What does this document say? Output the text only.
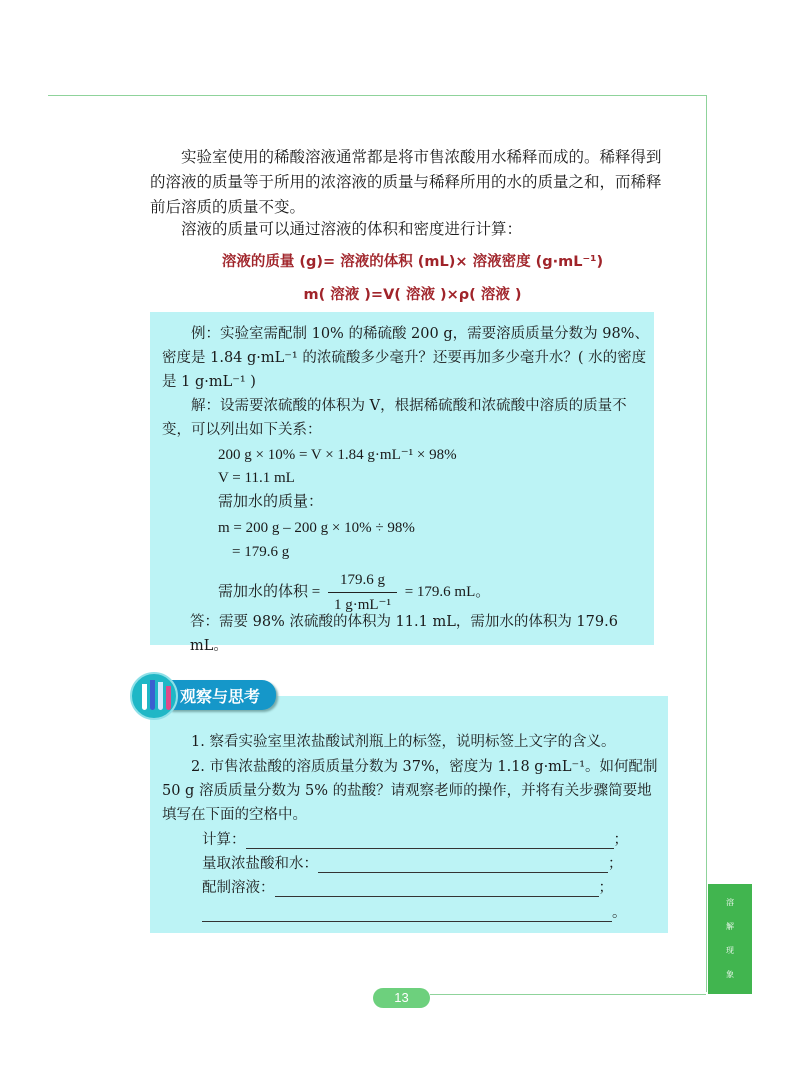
实验室使用的稀酸溶液通常都是将市售浓酸用水稀释而成的。稀释得到的溶液的质量等于所用的浓溶液的质量与稀释所用的水的质量之和，而稀释前后溶质的质量不变。
溶液的质量可以通过溶液的体积和密度进行计算：
溶液的质量 (g)= 溶液的体积 (mL)× 溶液密度 (g·mL⁻¹)
m( 溶液 )=V( 溶液 )×ρ( 溶液 )
例：实验室需配制 10% 的稀硫酸 200 g，需要溶质质量分数为 98%、密度是 1.84 g·mL⁻¹ 的浓硫酸多少毫升？还要再加多少毫升水？( 水的密度是 1 g·mL⁻¹ )
解：设需要浓硫酸的体积为 V，根据稀硫酸和浓硫酸中溶质的质量不变，可以列出如下关系：
200 g × 10% = V × 1.84 g·mL⁻¹ × 98%
V = 11.1 mL
需加水的质量：
m = 200 g – 200 g × 10% ÷ 98%
= 179.6 g
需加水的体积 = $\frac{179.6 g}{\text{1 g·mL⁻¹}} = 179.6$ mL。
答：需要 98% 浓硫酸的体积为 11.1 mL，需加水的体积为 179.6 mL。
观察与思考
1. 察看实验室里浓盐酸试剂瓶上的标签，说明标签上文字的含义。
2. 市售浓盐酸的溶质质量分数为 37%，密度为 1.18 g·mL⁻¹。如何配制 50 g 溶质质量分数为 5% 的盐酸？请观察老师的操作，并将有关步骤简要地填写在下面的空格中。
计算：	；
量取浓盐酸和水：	；
配制溶液：	；
。
溶
解
现
象
13
